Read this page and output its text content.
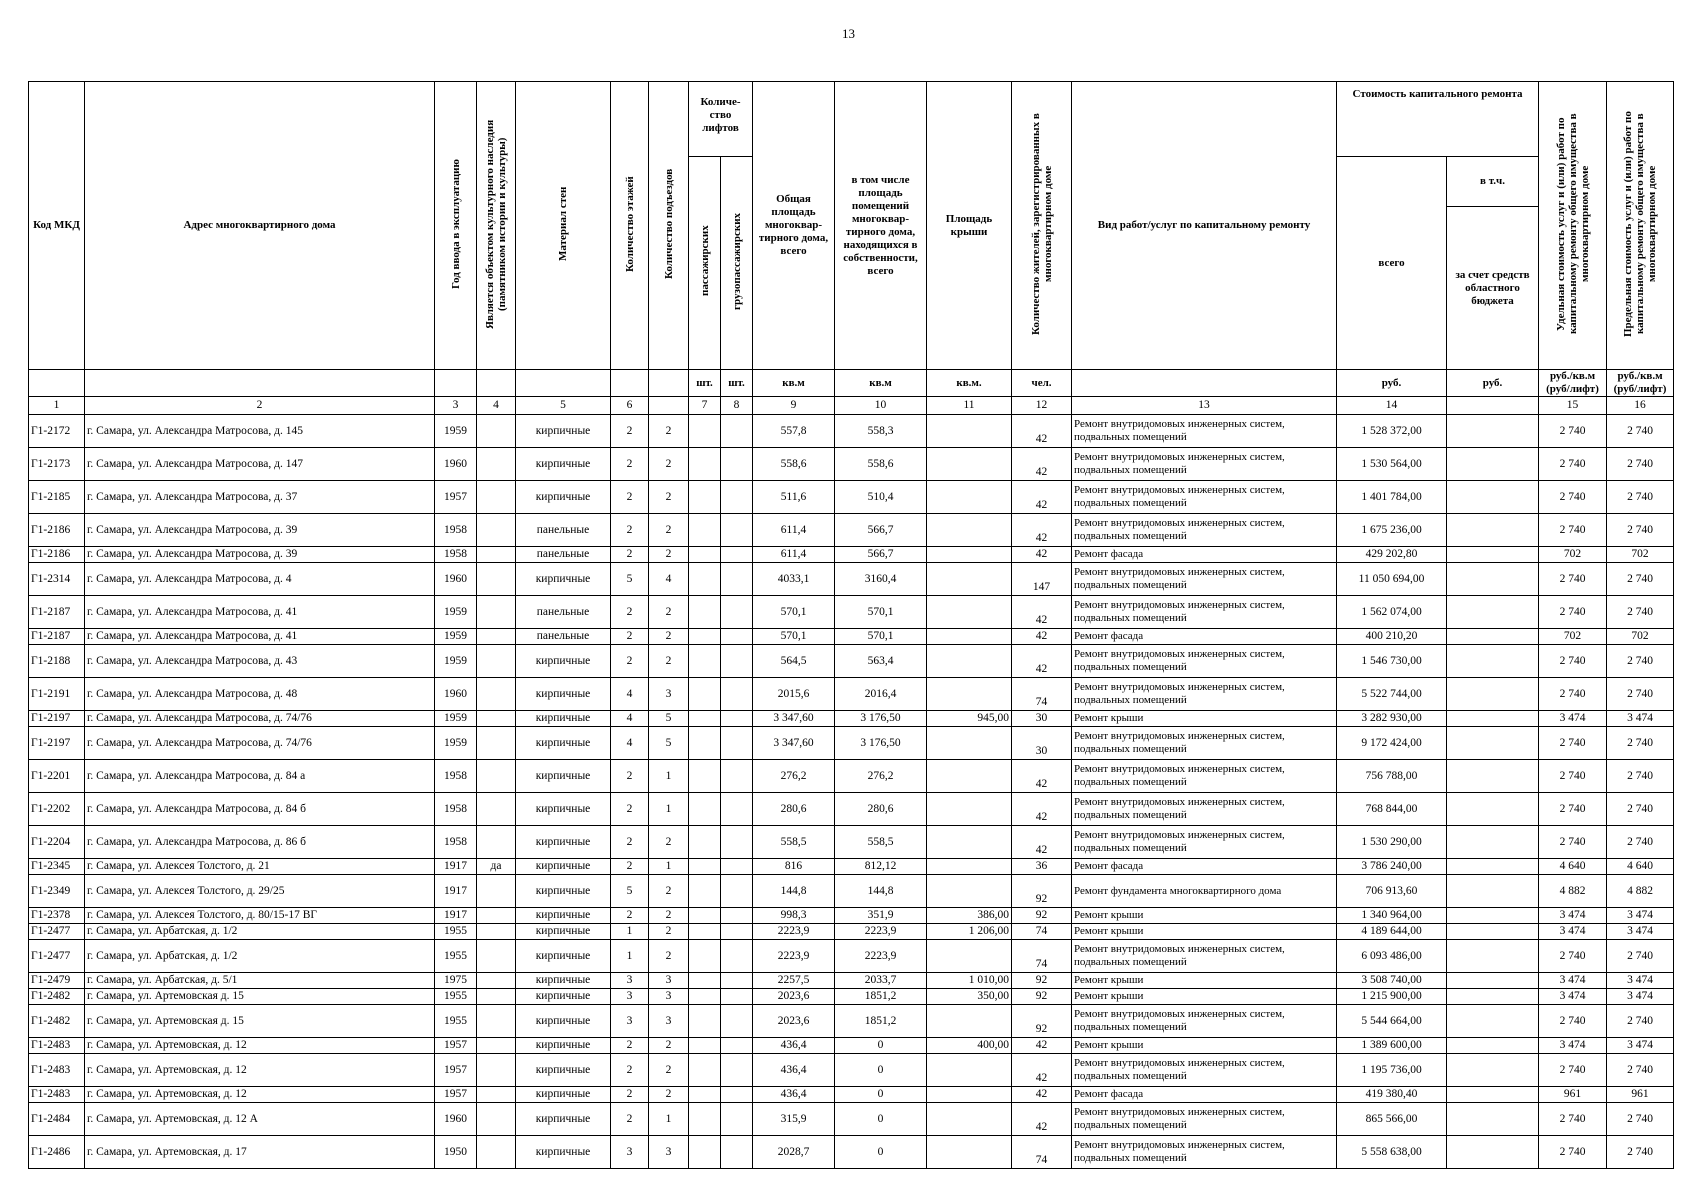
13
Код МКД	Адрес многоквартирного дома	Год ввода в эксплуатацию	Является объектом культурного наследия (памятником истории и культуры)	Материал стен	Количество этажей	Количество подъездов	Количе-ство лифтов		Общая площадь многоквар-тирного дома, всего	в том числе площадь помещений многоквар-тирного дома, находящихся в собственности, всего	Площадь крыши	Количество жителей, зарегистрированных в многоквартирном доме	Вид работ/услуг по капитальному ремонту	Стоимость капитального ремонта		Удельная стоимость услуг и (или) работ по капитальному ремонту общего имущества в многоквартирном доме	Предельная стоимость услуг и (или) работ по капитальному ремонту общего имущества в многоквартирном доме
							пассажирских	грузопассажирских						всего	в т.ч.		
															за счет средств областного бюджета		
							шт.	шт.	кв.м	кв.м	кв.м.	чел.		руб.	руб.	руб./кв.м (руб/лифт)	руб./кв.м (руб/лифт)
1	2	3	4	5	6		7	8	9	10	11	12	13	14		15	16
Г1-2172	г. Самара, ул. Александра Матросова, д. 145	1959		кирпичные	2	2			557,8	558,3		42	Ремонт внутридомовых инженерных систем, подвальных помещений	1 528 372,00		2 740	2 740
Г1-2173	г. Самара, ул. Александра Матросова, д. 147	1960		кирпичные	2	2			558,6	558,6		42	Ремонт внутридомовых инженерных систем, подвальных помещений	1 530 564,00		2 740	2 740
Г1-2185	г. Самара, ул. Александра Матросова, д. 37	1957		кирпичные	2	2			511,6	510,4		42	Ремонт внутридомовых инженерных систем, подвальных помещений	1 401 784,00		2 740	2 740
Г1-2186	г. Самара, ул. Александра Матросова, д. 39	1958		панельные	2	2			611,4	566,7		42	Ремонт внутридомовых инженерных систем, подвальных помещений	1 675 236,00		2 740	2 740
Г1-2186	г. Самара, ул. Александра Матросова, д. 39	1958		панельные	2	2			611,4	566,7		42	Ремонт фасада	429 202,80		702	702
Г1-2314	г. Самара, ул. Александра Матросова, д. 4	1960		кирпичные	5	4			4033,1	3160,4		147	Ремонт внутридомовых инженерных систем, подвальных помещений	11 050 694,00		2 740	2 740
Г1-2187	г. Самара, ул. Александра Матросова, д. 41	1959		панельные	2	2			570,1	570,1		42	Ремонт внутридомовых инженерных систем, подвальных помещений	1 562 074,00		2 740	2 740
Г1-2187	г. Самара, ул. Александра Матросова, д. 41	1959		панельные	2	2			570,1	570,1		42	Ремонт фасада	400 210,20		702	702
Г1-2188	г. Самара, ул. Александра Матросова, д. 43	1959		кирпичные	2	2			564,5	563,4		42	Ремонт внутридомовых инженерных систем, подвальных помещений	1 546 730,00		2 740	2 740
Г1-2191	г. Самара, ул. Александра Матросова, д. 48	1960		кирпичные	4	3			2015,6	2016,4		74	Ремонт внутридомовых инженерных систем, подвальных помещений	5 522 744,00		2 740	2 740
Г1-2197	г. Самара, ул. Александра Матросова, д. 74/76	1959		кирпичные	4	5			3 347,60	3 176,50	945,00	30	Ремонт крыши	3 282 930,00		3 474	3 474
Г1-2197	г. Самара, ул. Александра Матросова, д. 74/76	1959		кирпичные	4	5			3 347,60	3 176,50		30	Ремонт внутридомовых инженерных систем, подвальных помещений	9 172 424,00		2 740	2 740
Г1-2201	г. Самара, ул. Александра Матросова, д. 84 а	1958		кирпичные	2	1			276,2	276,2		42	Ремонт внутридомовых инженерных систем, подвальных помещений	756 788,00		2 740	2 740
Г1-2202	г. Самара, ул. Александра Матросова, д. 84 б	1958		кирпичные	2	1			280,6	280,6		42	Ремонт внутридомовых инженерных систем, подвальных помещений	768 844,00		2 740	2 740
Г1-2204	г. Самара, ул. Александра Матросова, д. 86 б	1958		кирпичные	2	2			558,5	558,5		42	Ремонт внутридомовых инженерных систем, подвальных помещений	1 530 290,00		2 740	2 740
Г1-2345	г. Самара, ул. Алексея Толстого, д. 21	1917	да	кирпичные	2	1			816	812,12		36	Ремонт фасада	3 786 240,00		4 640	4 640
Г1-2349	г. Самара, ул. Алексея Толстого, д. 29/25	1917		кирпичные	5	2			144,8	144,8		92	Ремонт фундамента многоквартирного дома	706 913,60		4 882	4 882
Г1-2378	г. Самара, ул. Алексея Толстого, д. 80/15-17 ВГ	1917		кирпичные	2	2			998,3	351,9	386,00	92	Ремонт крыши	1 340 964,00		3 474	3 474
Г1-2477	г. Самара, ул. Арбатская, д. 1/2	1955		кирпичные	1	2			2223,9	2223,9	1 206,00	74	Ремонт крыши	4 189 644,00		3 474	3 474
Г1-2477	г. Самара, ул. Арбатская, д. 1/2	1955		кирпичные	1	2			2223,9	2223,9		74	Ремонт внутридомовых инженерных систем, подвальных помещений	6 093 486,00		2 740	2 740
Г1-2479	г. Самара, ул. Арбатская, д. 5/1	1975		кирпичные	3	3			2257,5	2033,7	1 010,00	92	Ремонт крыши	3 508 740,00		3 474	3 474
Г1-2482	г. Самара, ул. Артемовская д. 15	1955		кирпичные	3	3			2023,6	1851,2	350,00	92	Ремонт крыши	1 215 900,00		3 474	3 474
Г1-2482	г. Самара, ул. Артемовская д. 15	1955		кирпичные	3	3			2023,6	1851,2		92	Ремонт внутридомовых инженерных систем, подвальных помещений	5 544 664,00		2 740	2 740
Г1-2483	г. Самара, ул. Артемовская, д. 12	1957		кирпичные	2	2			436,4	0	400,00	42	Ремонт крыши	1 389 600,00		3 474	3 474
Г1-2483	г. Самара, ул. Артемовская, д. 12	1957		кирпичные	2	2			436,4	0		42	Ремонт внутридомовых инженерных систем, подвальных помещений	1 195 736,00		2 740	2 740
Г1-2483	г. Самара, ул. Артемовская, д. 12	1957		кирпичные	2	2			436,4	0		42	Ремонт фасада	419 380,40		961	961
Г1-2484	г. Самара, ул. Артемовская, д. 12 А	1960		кирпичные	2	1			315,9	0		42	Ремонт внутридомовых инженерных систем, подвальных помещений	865 566,00		2 740	2 740
Г1-2486	г. Самара, ул. Артемовская, д. 17	1950		кирпичные	3	3			2028,7	0		74	Ремонт внутридомовых инженерных систем, подвальных помещений	5 558 638,00		2 740	2 740
